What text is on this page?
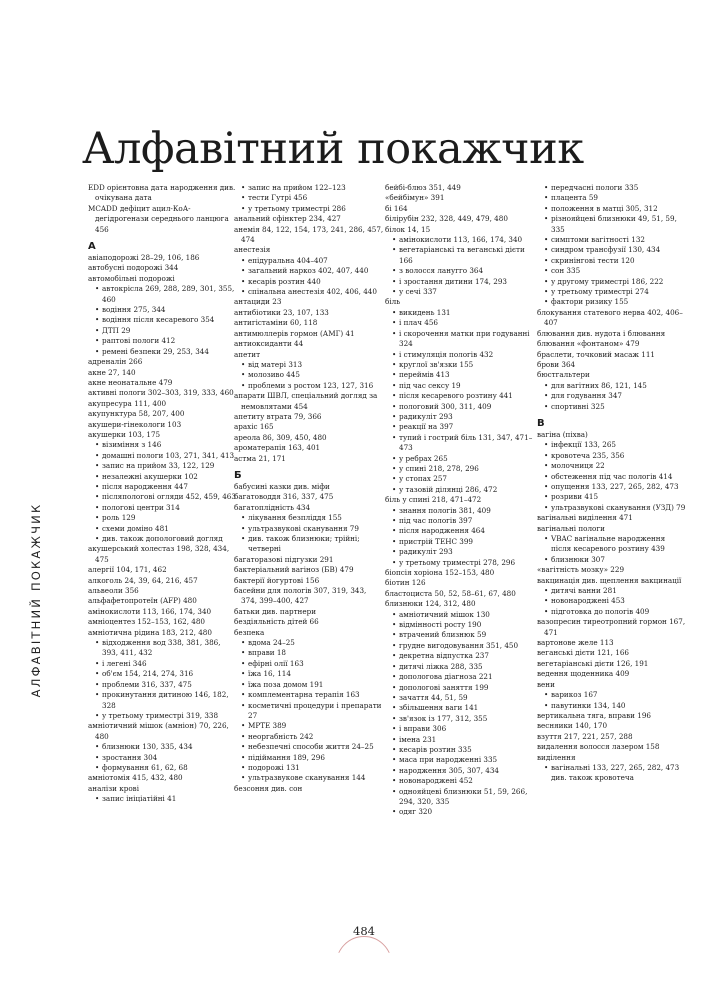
Алфавітний покажчик
АЛФАВІТНИЙ ПОКАЖЧИК
EDD орієнтовна дата народження див. очікувана дата
MCADD дефіцит ацил-КоА-дегідрогенази середнього ланцюга 456
А
авіаподорожі 28–29, 106, 186
автобусні подорожі 344
автомобільні подорожі
• автокрісла 269, 288, 289, 301, 355, 460
• водіння 275, 344
• водіння після кесаревого 354
• ДТП 29
• раптові пологи 412
• ремені безпеки 29, 253, 344
адреналін 266
акне 27, 140
акне неонатальне 479
активні пологи 302–303, 319, 333, 460
акупресура 111, 400
акупунктура 58, 207, 400
акушери-гінекологи 103
акушерки 103, 175
• візиміння з 146
• домашні пологи 103, 271, 341, 413
• запис на прийом 33, 122, 129
• незалежні акушерки 102
• після народження 447
• післяпологові огляди 452, 459, 463
• пологові центри 314
• роль 129
• схеми доміно 481
• див. також допологовий догляд
акушерський холестаз 198, 328, 434, 475
алергії 104, 171, 462
алкоголь 24, 39, 64, 216, 457
альвеоли 356
альфафетопротеїн (AFP) 480
амінокислоти 113, 166, 174, 340
амніоцентез 152–153, 162, 480
амніотична рідина 183, 212, 480
• відходження вод 338, 381, 386, 393, 411, 432
• і легені 346
• об'єм 154, 214, 274, 316
• проблеми 316, 337, 475
• прокинутання дитиною 146, 182, 328
• у третьому триместрі 319, 338
амніотичний мішок (амніон) 70, 226, 480
• близнюки 130, 335, 434
• зростання 304
• формування 61, 62, 68
амніотомія 415, 432, 480
аналізи крові
• запис ініціатійні 41
• запис на прийом 122–123
• тести Гутрі 456
• у третьому триместрі 286
анальний сфінктер 234, 427
анемія 84, 122, 154, 173, 241, 286, 457, 474
анестезія
• епідуральна 404–407
• загальний наркоз 402, 407, 440
• кесарів розтин 440
• спінальна анестезія 402, 406, 440
антациди 23
антибіотики 23, 107, 133
антигістаміни 60, 118
антимюллерів гормон (АМГ) 41
антиоксиданти 44
апетит
• від матері 313
• молозиво 445
• проблеми з ростом 123, 127, 316
апарати ШВЛ, спеціальний догляд за немовлятами 454
апетиту втрата 79, 366
арахіс 165
ареола 86, 309, 450, 480
ароматерапія 163, 401
астма 21, 171
Б
бабусині казки див. міфи
багатоводдя 316, 337, 475
багатоплідність 434
• лікування безпліддя 155
• ультразвукові сканування 79
• див. також близнюки; трійні; четверні
багаторазові підгузки 291
бактеріальний вагіноз (БВ) 479
бактерії йогуртові 156
басейни для пологів 307, 319, 343, 374, 399–400, 427
батьки див. партнери
бездіяльність дітей 66
безпека
• вдома 24–25
• вправи 18
• ефірні олії 163
• їжа 16, 114
• їжа поза домом 191
• комплементарна терапія 163
• косметичні процедури і препарати 27
• МРТЕ 389
• неоргабність 242
• небезпечні способи життя 24–25
• підіймання 189, 296
• подорожі 131
• ультразвукове сканування 144
безсоння див. сон
бейбі-блюз 351, 449
«бейбімун» 391
бі 164
білірубін 232, 328, 449, 479, 480
білок 14, 15
• амінокислоти 113, 166, 174, 340
• вегетаріанські та веганські дієти 166
• з волосся ланугго 364
• і зростання дитини 174, 293
• у сечі 337
біль
• викидень 131
• і плач 456
• і скорочення матки при годуванні 324
• і стимуляція пологів 432
• круглої зв'язки 155
• переймів 413
• під час сексу 19
• після кесаревого розтину 441
• пологовий 300, 311, 409
• радикуліт 293
• реакції на 397
• тупий і гострий біль 131, 347, 471–473
• у ребрах 265
• у спині 218, 278, 296
• у стопах 257
• у тазовій ділянці 286, 472
біль у спині 218, 471–472
• знання пологів 381, 409
• під час пологів 397
• після народження 464
• пристрій ТЕНС 399
• радикуліт 293
• у третьому триместрі 278, 296
біопсія хоріона 152–153, 480
біотин 126
бластоциста 50, 52, 58–61, 67, 480
близнюки 124, 312, 480
• амніотичний мішок 130
• відмінності росту 190
• втрачений близнюк 59
• грудне вигодовування 351, 450
• декретна відпустка 237
• дитячі ліжка 288, 335
• допологова діагноза 221
• допологові заняття 199
• зачаття 44, 51, 59
• збільшення ваги 141
• зв'язок із 177, 312, 355
• і вправи 306
• імена 231
• кесарів розтин 335
• маса при народженні 335
• народження 305, 307, 434
• новонароджені 452
• однояйцеві близнюки 51, 59, 266, 294, 320, 335
• одяг 320
• передчасні пологи 335
• плацента 59
• положення в матці 305, 312
• різнояйцеві близнюки 49, 51, 59, 335
• симптоми вагітності 132
• синдром трансфузії 130, 434
• скринінгові тести 120
• сон 335
• у другому триместрі 186, 222
• у третьому триместрі 274
• фактори ризику 155
блокування статевого нерва 402, 406–407
блювання див. нудота і блювання
блювання «фонтаном» 479
браслети, точковий масаж 111
брови 364
бюстгальтери
• для вагітних 86, 121, 145
• для годування 347
• спортивні 325
В
вагіна (піхва)
• інфекції 133, 265
• кровотеча 235, 356
• молочниця 22
• обстеження під час пологів 414
• опущення 133, 227, 265, 282, 473
• розриви 415
• ультразвукові сканування (УЗД) 79
вагінальні виділення 471
вагінальні пологи
• VBAC вагінальне народження після кесаревого розтину 439
• близнюки 307
«вагітність мозку» 229
вакцинація див. щеплення вакцинації
• дитячі ванни 281
• новонароджені 453
• підготовка до пологів 409
вазопресин тиреотропний гормон 167, 471
вартонове желе 113
веганські дієти 121, 166
вегетаріанські дієти 126, 191
ведення щоденника 409
вени
• варикоз 167
• павутинки 134, 140
вертикальна тяга, вправи 196
весняики 140, 170
взуття 217, 221, 257, 288
видалення волосся лазером 158
виділення
• вагінальні 133, 227, 265, 282, 473 див. також кровотеча
484
